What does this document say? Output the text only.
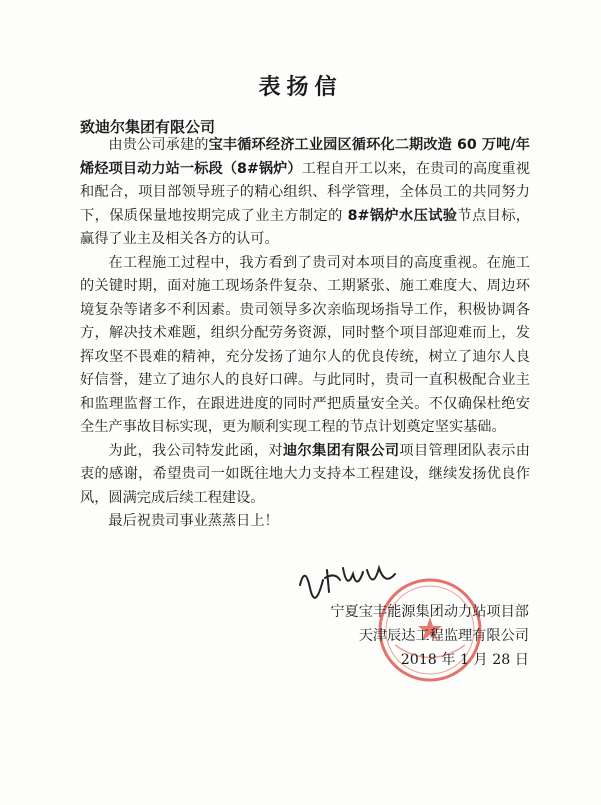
表扬信
致迪尔集团有限公司

由贵公司承建的宝丰循环经济工业园区循环化二期改造 60 万吨/年烯烃项目动力站一标段（8#锅炉）工程自开工以来，在贵司的高度重视和配合，项目部领导班子的精心组织、科学管理，全体员工的共同努力下，保质保量地按期完成了业主方制定的 8#锅炉水压试验节点目标，赢得了业主及相关各方的认可。

在工程施工过程中，我方看到了贵司对本项目的高度重视。在施工的关键时期，面对施工现场条件复杂、工期紧张、施工难度大、周边环境复杂等诸多不利因素。贵司领导多次亲临现场指导工作，积极协调各方，解决技术难题，组织分配劳务资源，同时整个项目部迎难而上，发挥攻坚不畏难的精神，充分发扬了迪尔人的优良传统，树立了迪尔人良好信誉，建立了迪尔人的良好口碑。与此同时，贵司一直积极配合业主和监理监督工作，在跟进进度的同时严把质量安全关。不仅确保杜绝安全生产事故目标实现，更为顺利实现工程的节点计划奠定坚实基础。

为此，我公司特发此函，对迪尔集团有限公司项目管理团队表示由衷的感谢，希望贵司一如既往地大力支持本工程建设，继续发扬优良作风，圆满完成后续工程建设。

最后祝贵司事业蒸蒸日上！

宁夏宝丰能源集团动力站项目部
天津辰达工程监理有限公司
2018 年 1 月 28 日
